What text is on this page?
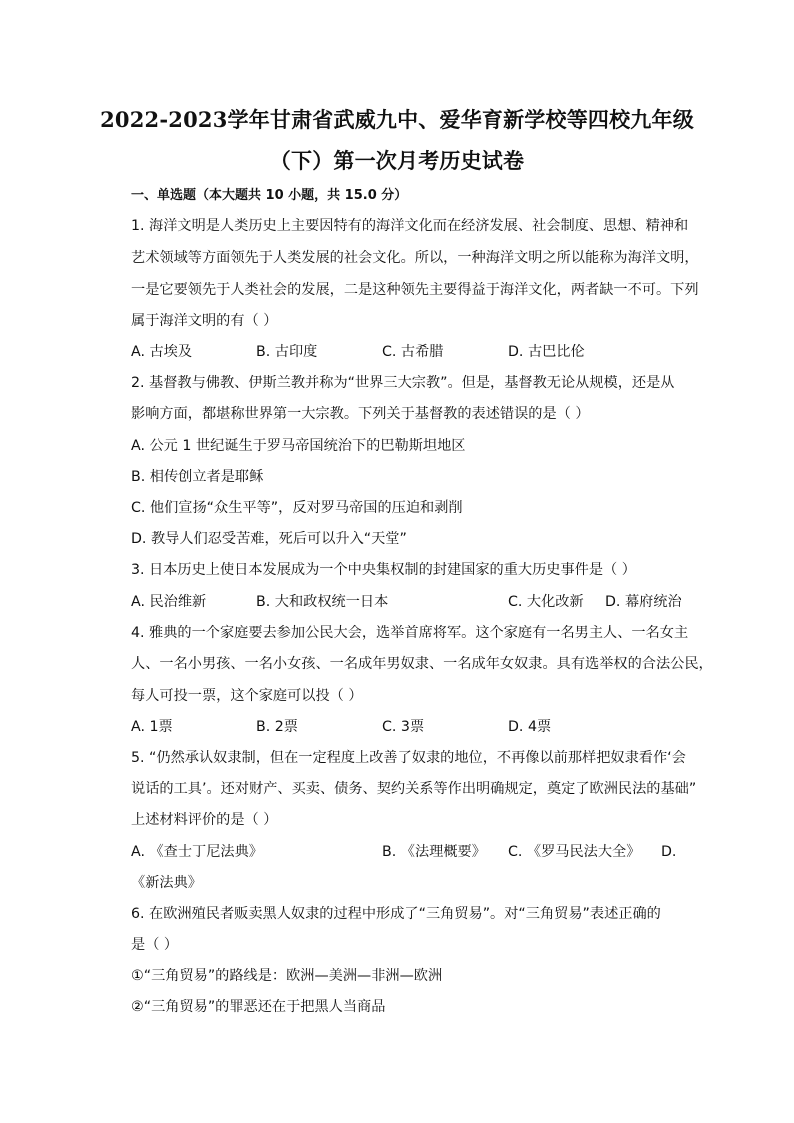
2022-2023学年甘肃省武威九中、爱华育新学校等四校九年级
（下）第一次月考历史试卷
一、单选题（本大题共 10 小题，共 15.0 分）
1. 海洋文明是人类历史上主要因特有的海洋文化而在经济发展、社会制度、思想、精神和
艺术领域等方面领先于人类发展的社会文化。所以，一种海洋文明之所以能称为海洋文明，
一是它要领先于人类社会的发展，二是这种领先主要得益于海洋文化，两者缺一不可。下列
属于海洋文明的有（ ）
A. 古埃及	B. 古印度	C. 古希腊	D. 古巴比伦
2. 基督教与佛教、伊斯兰教并称为“世界三大宗教”。但是，基督教无论从规模，还是从
影响方面，都堪称世界第一大宗教。下列关于基督教的表述错误的是（ ）
A. 公元 1 世纪诞生于罗马帝国统治下的巴勒斯坦地区
B. 相传创立者是耶稣
C. 他们宣扬“众生平等”，反对罗马帝国的压迫和剥削
D. 教导人们忍受苦难，死后可以升入“天堂”
3. 日本历史上使日本发展成为一个中央集权制的封建国家的重大历史事件是（ ）
A. 民治维新	B. 大和政权统一日本	C. 大化改新 D. 幕府统治
4. 雅典的一个家庭要去参加公民大会，选举首席将军。这个家庭有一名男主人、一名女主
人、一名小男孩、一名小女孩、一名成年男奴隶、一名成年女奴隶。具有选举权的合法公民，
每人可投一票，这个家庭可以投（ ）
A. 1票	B. 2票	C. 3票	D. 4票
5. “仍然承认奴隶制，但在一定程度上改善了奴隶的地位，不再像以前那样把奴隶看作‘会
说话的工具’。还对财产、买卖、债务、契约关系等作出明确规定，奠定了欧洲民法的基础”
上述材料评价的是（ ）
A. 《查士丁尼法典》	B. 《法理概要》 C. 《罗马民法大全》 D.
《新法典》
6. 在欧洲殖民者贩卖黑人奴隶的过程中形成了“三角贸易”。对“三角贸易”表述正确的
是（ ）
①“三角贸易”的路线是：欧洲—美洲—非洲—欧洲
②“三角贸易”的罪恶还在于把黑人当商品
